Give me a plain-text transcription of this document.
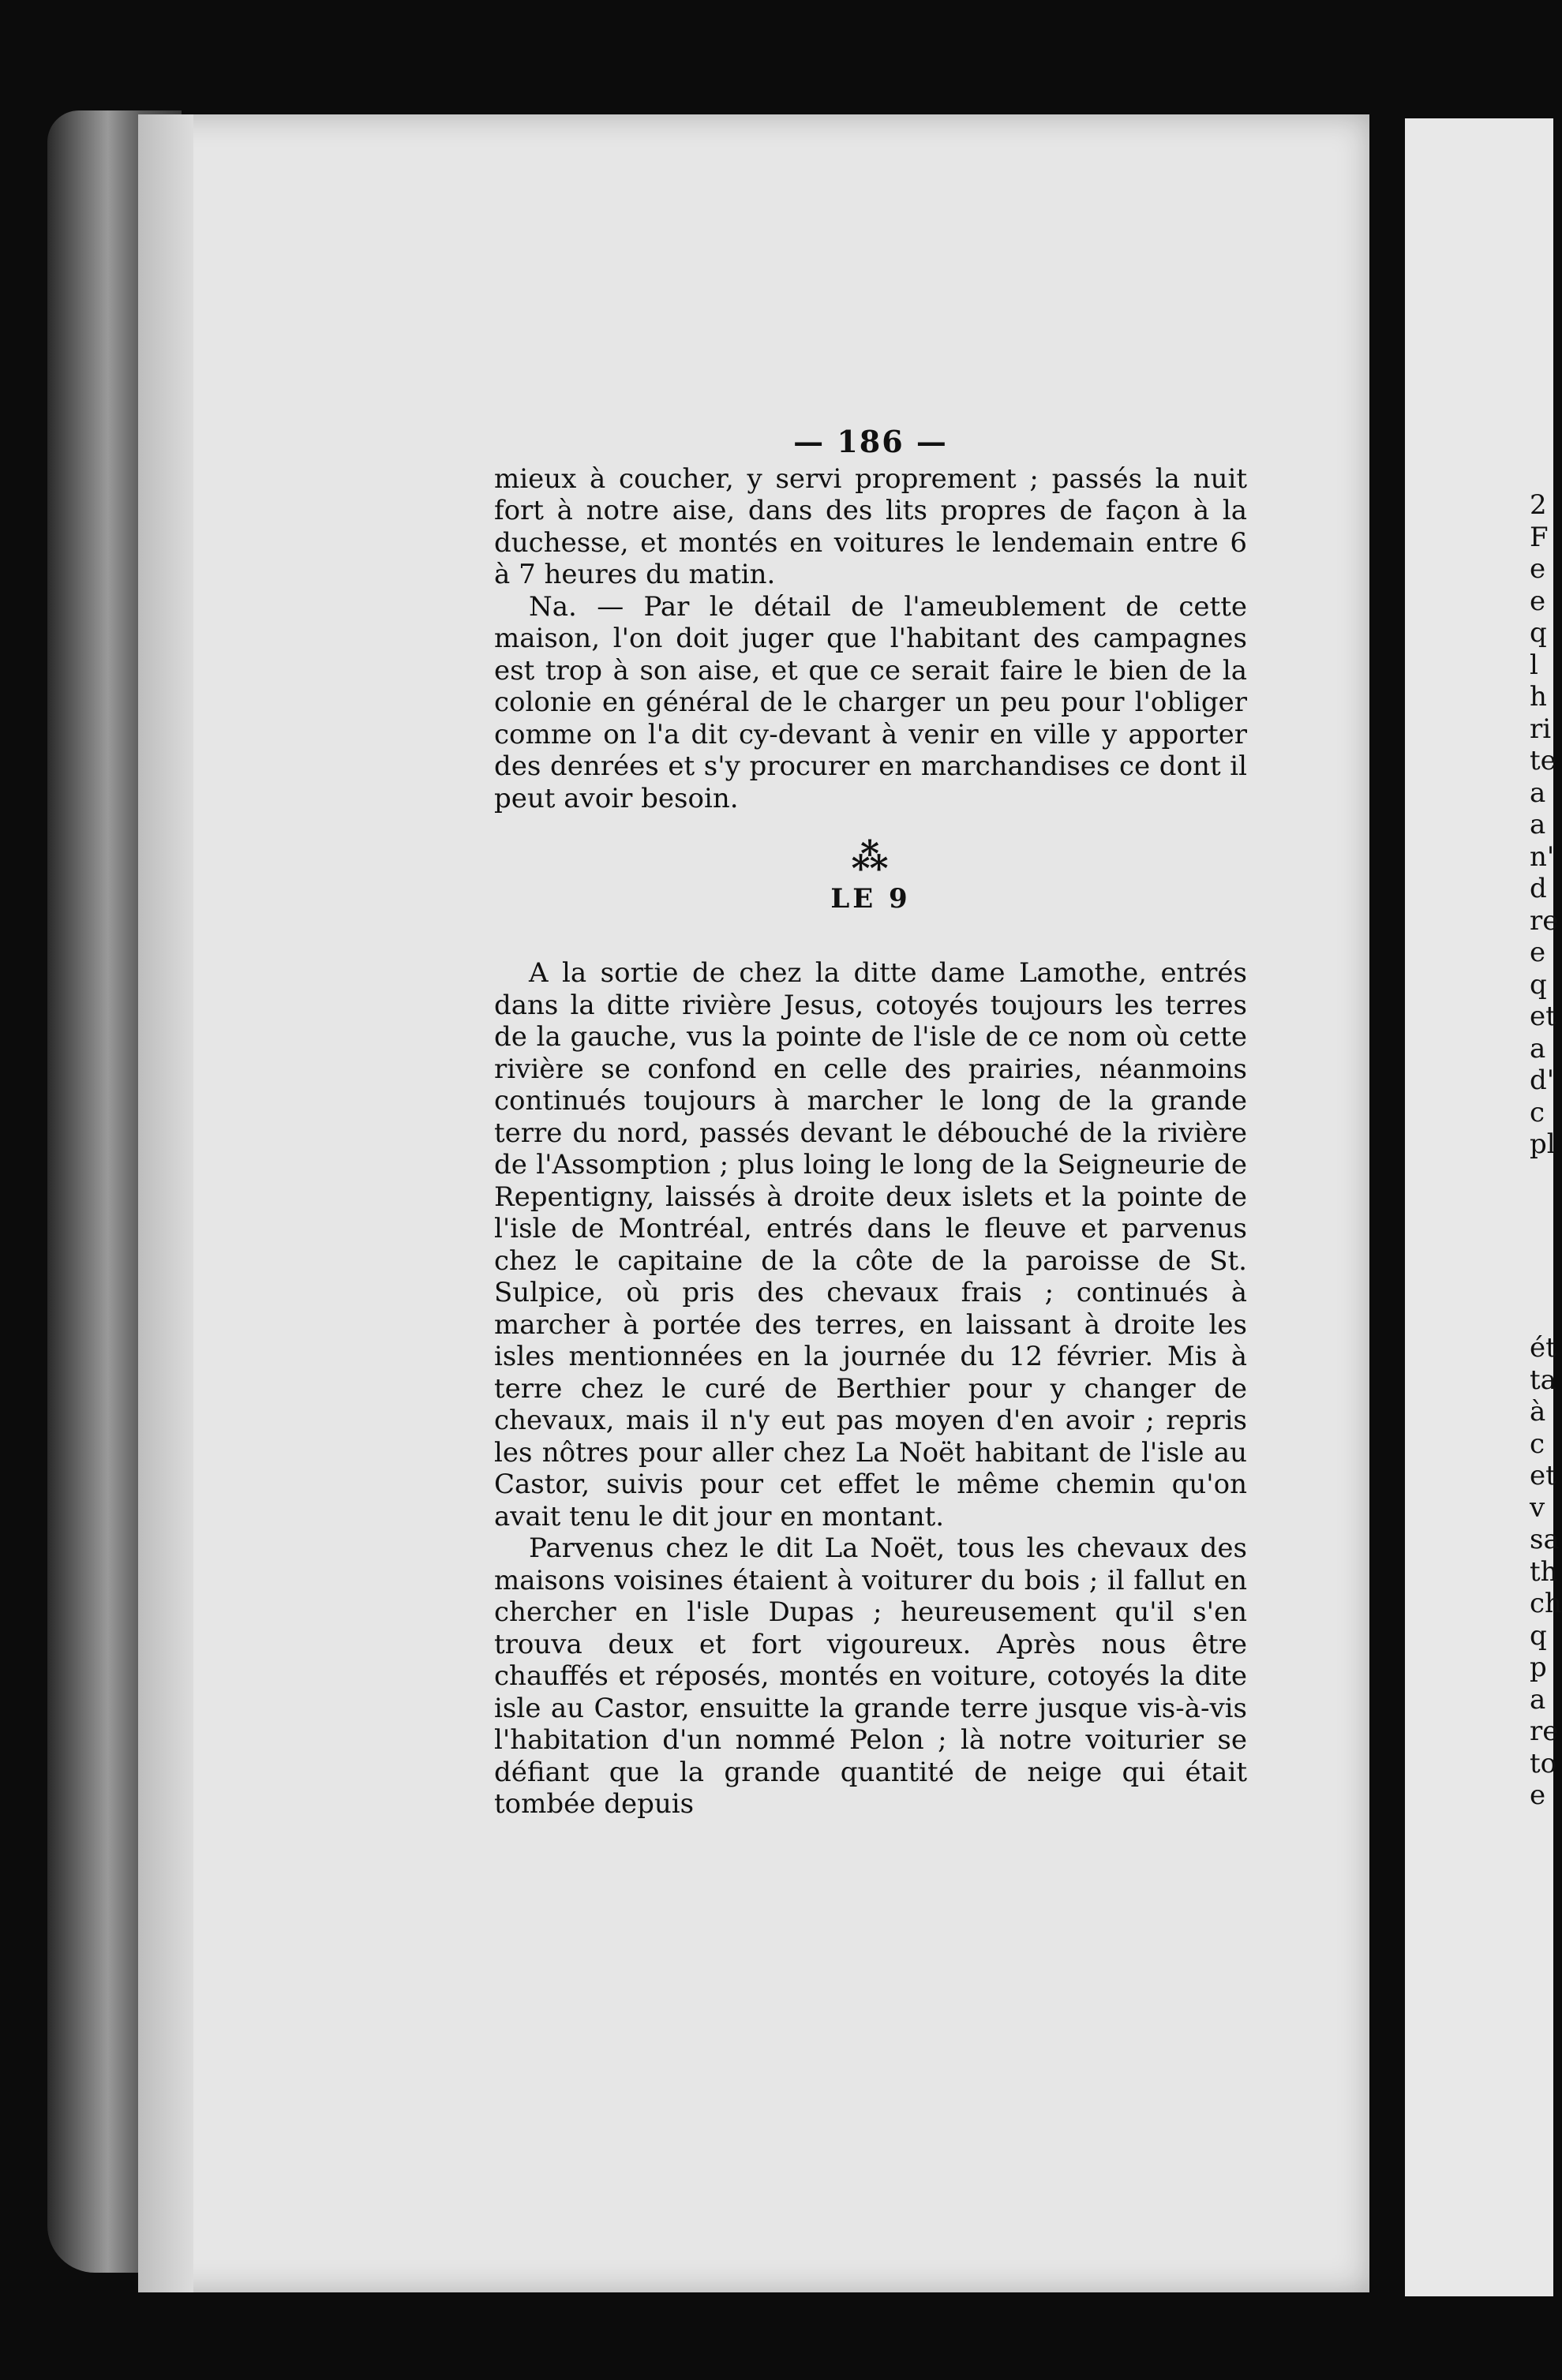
— 186 —

mieux à coucher, y servi proprement ; passés la nuit fort à notre aise, dans des lits propres de façon à la duchesse, et montés en voitures le lendemain entre 6 à 7 heures du matin.

Na. — Par le détail de l'ameublement de cette maison, l'on doit juger que l'habitant des campagnes est trop à son aise, et que ce serait faire le bien de la colonie en général de le charger un peu pour l'obliger comme on l'a dit cy-devant à venir en ville y apporter des denrées et s'y procurer en marchandises ce dont il peut avoir besoin.

⁂
LE 9

A la sortie de chez la ditte dame Lamothe, entrés dans la ditte rivière Jesus, cotoyés toujours les terres de la gauche, vus la pointe de l'isle de ce nom où cette rivière se confond en celle des prairies, néanmoins continués toujours à marcher le long de la grande terre du nord, passés devant le débouché de la rivière de l'Assomption ; plus loing le long de la Seigneurie de Repentigny, laissés à droite deux islets et la pointe de l'isle de Montréal, entrés dans le fleuve et parvenus chez le capitaine de la côte de la paroisse de St. Sulpice, où pris des chevaux frais ; continués à marcher à portée des terres, en laissant à droite les isles mentionnées en la journée du 12 février. Mis à terre chez le curé de Berthier pour y changer de chevaux, mais il n'y eut pas moyen d'en avoir ; repris les nôtres pour aller chez La Noët habitant de l'isle au Castor, suivis pour cet effet le même chemin qu'on avait tenu le dit jour en montant.

Parvenus chez le dit La Noët, tous les chevaux des maisons voisines étaient à voiturer du bois ; il fallut en chercher en l'isle Dupas ; heureusement qu'il s'en trouva deux et fort vigoureux. Après nous être chauffés et réposés, montés en voiture, cotoyés la dite isle au Castor, ensuitte la grande terre jusque vis-à-vis l'habitation d'un nommé Pelon ; là notre voiturier se défiant que la grande quantité de neige qui était tombée depuis

2
F
e
e
q
l
h
ri
te
a
a
n'
d
re
e
q
et
a
d'
c
pl
ét
ta
à
c
et
v
sa
th
ch
q
p
a
re
to
e
